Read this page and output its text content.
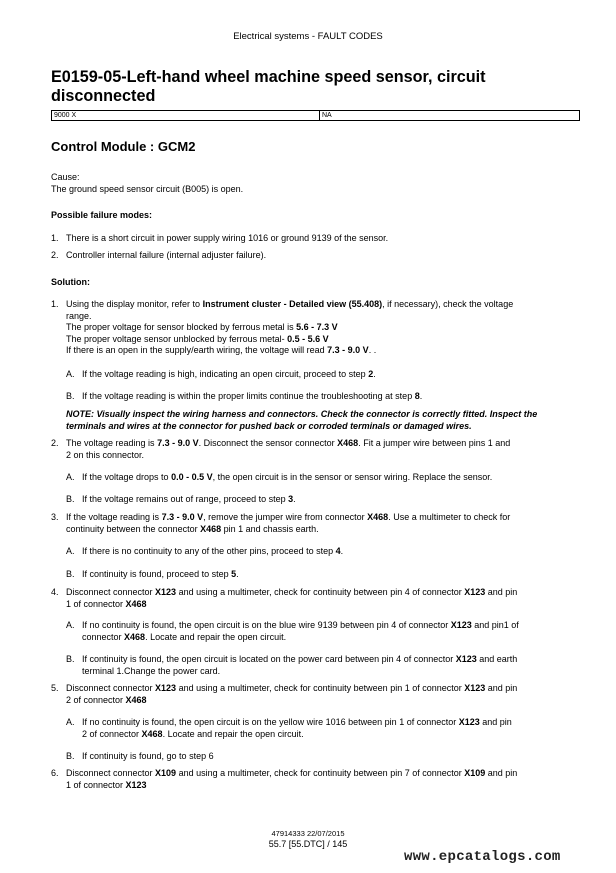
Electrical systems - FAULT CODES
E0159-05-Left-hand wheel machine speed sensor, circuit disconnected
9000 X	NA
Control Module : GCM2
Cause:
The ground speed sensor circuit (B005) is open.
Possible failure modes:
1. There is a short circuit in power supply wiring 1016 or ground 9139 of the sensor.
2. Controller internal failure (internal adjuster failure).
Solution:
1. Using the display monitor, refer to Instrument cluster - Detailed view (55.408), if necessary), check the voltage
range.
The proper voltage for sensor blocked by ferrous metal is 5.6 - 7.3 V
The proper voltage sensor unblocked by ferrous metal- 0.5 - 5.6 V
If there is an open in the supply/earth wiring, the voltage will read 7.3 - 9.0 V. .
A. If the voltage reading is high, indicating an open circuit, proceed to step 2.
B. If the voltage reading is within the proper limits continue the troubleshooting at step 8.
NOTE: Visually inspect the wiring harness and connectors. Check the connector is correctly fitted. Inspect the
terminals and wires at the connector for pushed back or corroded terminals or damaged wires.
2. The voltage reading is 7.3 - 9.0 V. Disconnect the sensor connector X468. Fit a jumper wire between pins 1 and
2 on this connector.
A. If the voltage drops to 0.0 - 0.5 V, the open circuit is in the sensor or sensor wiring. Replace the sensor.
B. If the voltage remains out of range, proceed to step 3.
3. If the voltage reading is 7.3 - 9.0 V, remove the jumper wire from connector X468. Use a multimeter to check for
continuity between the connector X468 pin 1 and chassis earth.
A. If there is no continuity to any of the other pins, proceed to step 4.
B. If continuity is found, proceed to step 5.
4. Disconnect connector X123 and using a multimeter, check for continuity between pin 4 of connector X123 and pin
1 of connector X468
A. If no continuity is found, the open circuit is on the blue wire 9139 between pin 4 of connector X123 and pin1 of
connector X468. Locate and repair the open circuit.
B. If continuity is found, the open circuit is located on the power card between pin 4 of connector X123 and earth
terminal 1.Change the power card.
5. Disconnect connector X123 and using a multimeter, check for continuity between pin 1 of connector X123 and pin
2 of connector X468
A. If no continuity is found, the open circuit is on the yellow wire 1016 between pin 1 of connector X123 and pin
2 of connector X468. Locate and repair the open circuit.
B. If continuity is found, go to step 6
6. Disconnect connector X109 and using a multimeter, check for continuity between pin 7 of connector X109 and pin
1 of connector X123
47914333 22/07/2015
55.7 [55.DTC] / 145
www.epcatalogs.com
